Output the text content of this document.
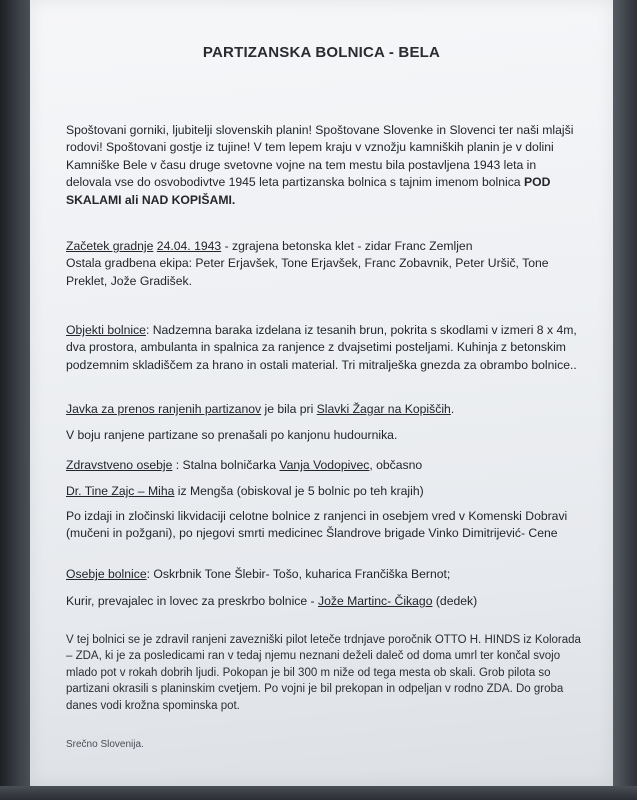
PARTIZANSKA BOLNICA - BELA

Spoštovani gorniki, ljubitelji slovenskih planin! Spoštovane Slovenke in Slovenci ter naši mlajši rodovi! Spoštovani gostje iz tujine! V tem lepem kraju v vznožju kamniških planin je v dolini Kamniške Bele v času druge svetovne vojne na tem mestu bila postavljena 1943 leta in delovala vse do osvobodivtve 1945 leta partizanska bolnica s tajnim imenom bolnica POD SKALAMI ali NAD KOPIŠAMI.

Začetek gradnje 24.04. 1943 - zgrajena betonska klet - zidar Franc Zemljen

Ostala gradbena ekipa: Peter Erjavšek, Tone Erjavšek, Franc Zobavnik, Peter Uršič, Tone Preklet, Jože Gradišek.

Objekti bolnice: Nadzemna baraka izdelana iz tesanih brun, pokrita s skodlami v izmeri 8 x 4m, dva prostora, ambulanta in spalnica za ranjence z dvajsetimi posteljami. Kuhinja z betonskim podzemnim skladiščem za hrano in ostali material. Tri mitralješka gnezda za obrambo bolnice..

Javka za prenos ranjenih partizanov je bila pri Slavki Žagar na Kopiščih.

V boju ranjene partizane so prenašali po kanjonu hudournika.

Zdravstveno osebje : Stalna bolničarka Vanja Vodopivec, občasno

Dr. Tine Zajc – Miha iz Mengša (obiskoval je 5 bolnic po teh krajih)

Po izdaji in zločinski likvidaciji celotne bolnice z ranjenci in osebjem vred v Komenski Dobravi (mučeni in požgani), po njegovi smrti medicinec Šlandrove brigade Vinko Dimitrijević- Cene

Osebje bolnice: Oskrbnik Tone Šlebir- Tošo, kuharica Frančiška Bernot;

Kurir, prevajalec in lovec za preskrbo bolnice - Jože Martinc- Čikago (dedek)

V tej bolnici se je zdravil ranjeni zavezniški pilot leteče trdnjave poročnik OTTO H. HINDS iz Kolorada – ZDA, ki je za posledicami ran v tedaj njemu neznani deželi daleč od doma umrl ter končal svojo mlado pot v rokah dobrih ljudi. Pokopan je bil 300 m niže od tega mesta ob skali. Grob pilota so partizani okrasili s planinskim cvetjem. Po vojni je bil prekopan in odpeljan v rodno ZDA. Do groba danes vodi krožna spominska pot.

Srečno Slovenija.
